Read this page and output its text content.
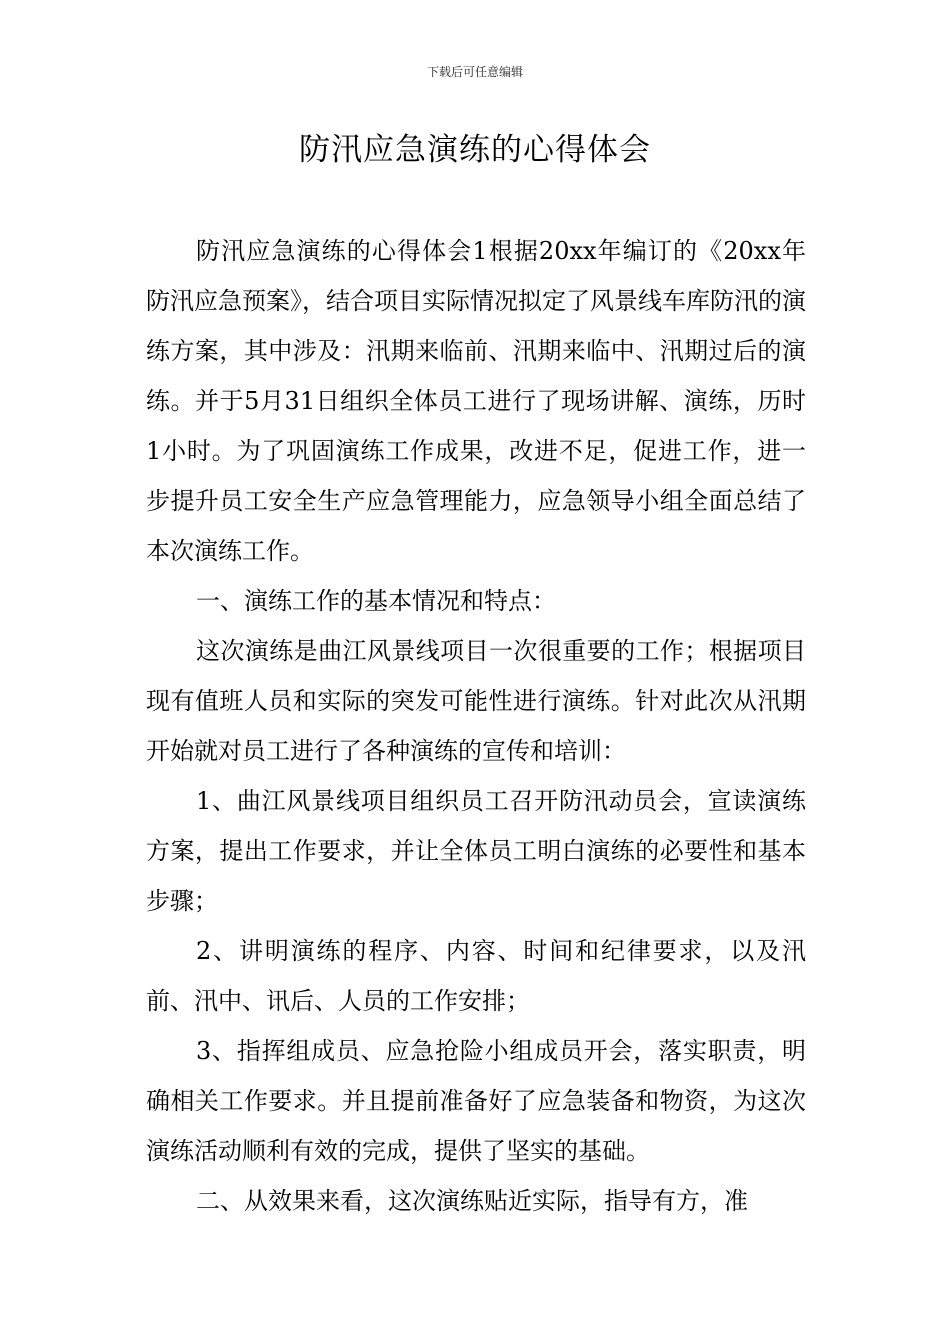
下载后可任意编辑
防汛应急演练的心得体会

防汛应急演练的心得体会1根据20xx年编订的《20xx年防汛应急预案》，结合项目实际情况拟定了风景线车库防汛的演练方案，其中涉及：汛期来临前、汛期来临中、汛期过后的演练。并于5月31日组织全体员工进行了现场讲解、演练，历时1小时。为了巩固演练工作成果，改进不足，促进工作，进一步提升员工安全生产应急管理能力，应急领导小组全面总结了本次演练工作。

一、演练工作的基本情况和特点：

这次演练是曲江风景线项目一次很重要的工作；根据项目现有值班人员和实际的突发可能性进行演练。针对此次从汛期开始就对员工进行了各种演练的宣传和培训：

1、曲江风景线项目组织员工召开防汛动员会，宣读演练方案，提出工作要求，并让全体员工明白演练的必要性和基本步骤；

2、讲明演练的程序、内容、时间和纪律要求，以及汛前、汛中、讯后、人员的工作安排；

3、指挥组成员、应急抢险小组成员开会，落实职责，明确相关工作要求。并且提前准备好了应急装备和物资，为这次演练活动顺利有效的完成，提供了坚实的基础。

二、从效果来看，这次演练贴近实际，指导有方，准
